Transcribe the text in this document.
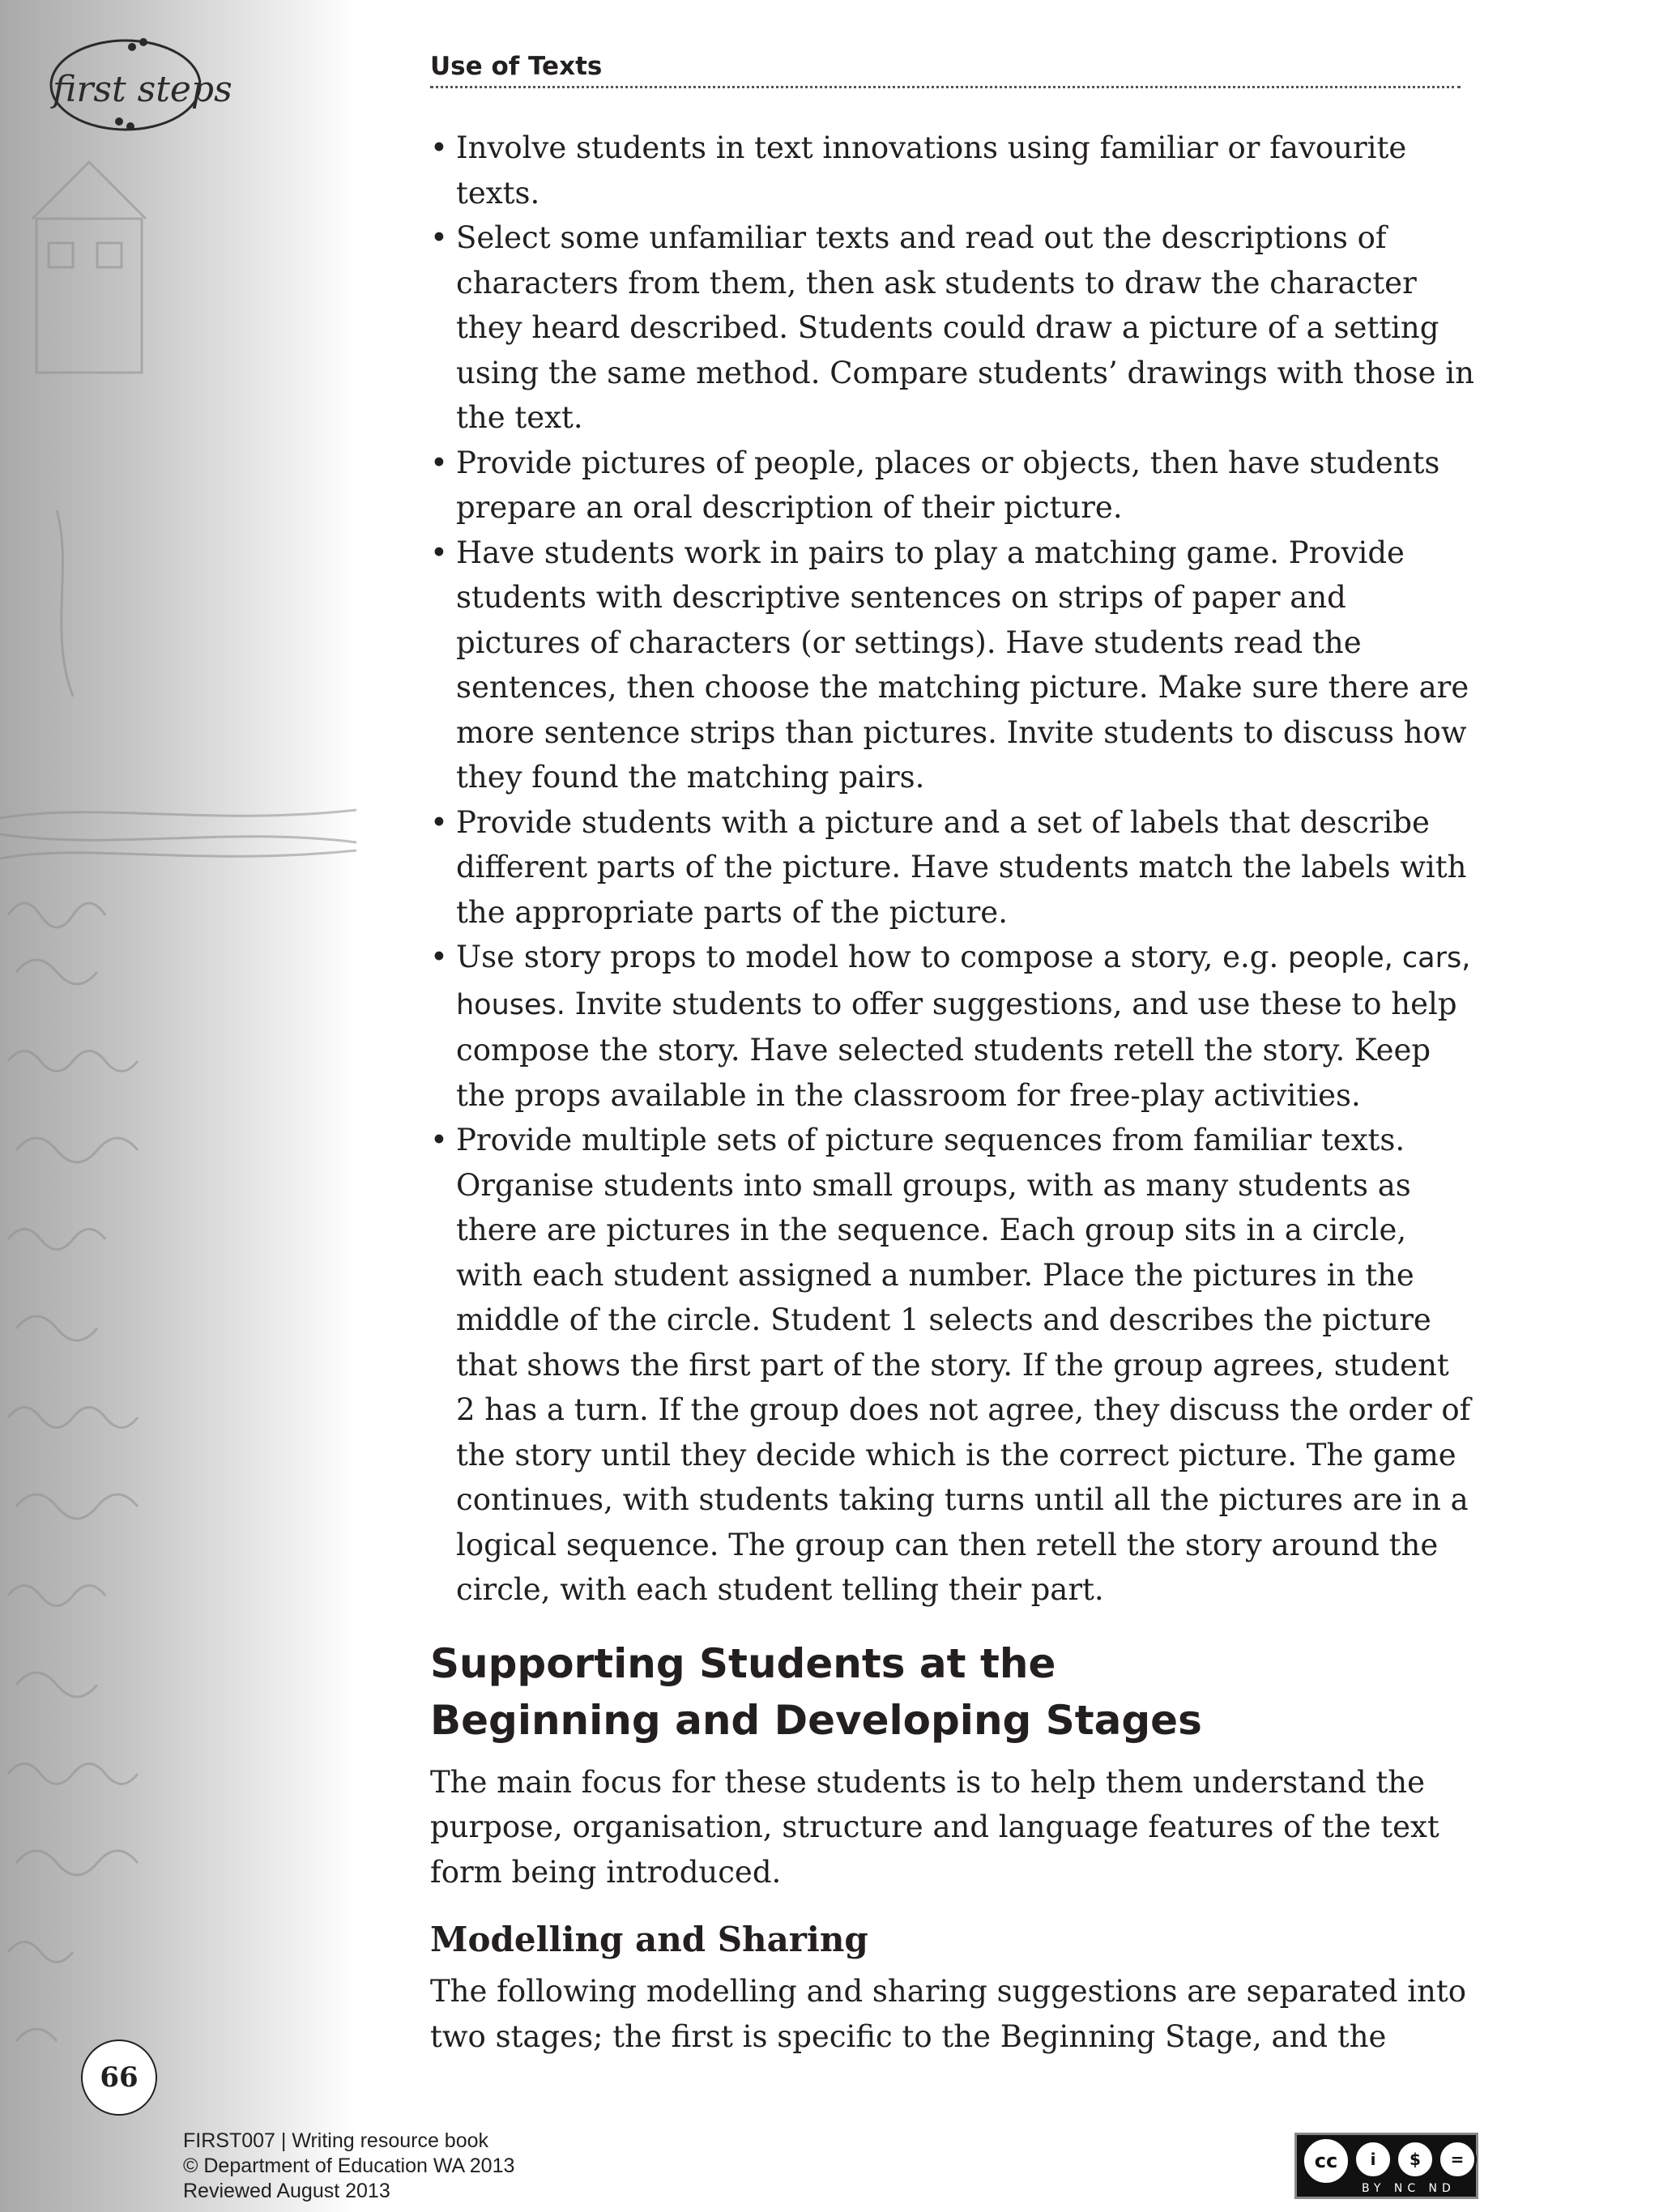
first steps
Use of Texts
• Involve students in text innovations using familiar or favourite texts.
• Select some unfamiliar texts and read out the descriptions of characters from them, then ask students to draw the character they heard described. Students could draw a picture of a setting using the same method. Compare students’ drawings with those in the text.
• Provide pictures of people, places or objects, then have students prepare an oral description of their picture.
• Have students work in pairs to play a matching game. Provide students with descriptive sentences on strips of paper and pictures of characters (or settings). Have students read the sentences, then choose the matching picture. Make sure there are more sentence strips than pictures. Invite students to discuss how they found the matching pairs.
• Provide students with a picture and a set of labels that describe different parts of the picture. Have students match the labels with the appropriate parts of the picture.
• Use story props to model how to compose a story, e.g. people, cars, houses. Invite students to offer suggestions, and use these to help compose the story. Have selected students retell the story. Keep the props available in the classroom for free-play activities.
• Provide multiple sets of picture sequences from familiar texts. Organise students into small groups, with as many students as there are pictures in the sequence. Each group sits in a circle, with each student assigned a number. Place the pictures in the middle of the circle. Student 1 selects and describes the picture that shows the first part of the story. If the group agrees, student 2 has a turn. If the group does not agree, they discuss the order of the story until they decide which is the correct picture. The game continues, with students taking turns until all the pictures are in a logical sequence. The group can then retell the story around the circle, with each student telling their part.
Supporting Students at the Beginning and Developing Stages

The main focus for these students is to help them understand the purpose, organisation, structure and language features of the text form being introduced.

Modelling and Sharing

The following modelling and sharing suggestions are separated into two stages; the first is specific to the Beginning Stage, and the

66
FIRST007 | Writing resource book
© Department of Education WA 2013
Reviewed August 2013
cc	i	$	=
BY NC ND
